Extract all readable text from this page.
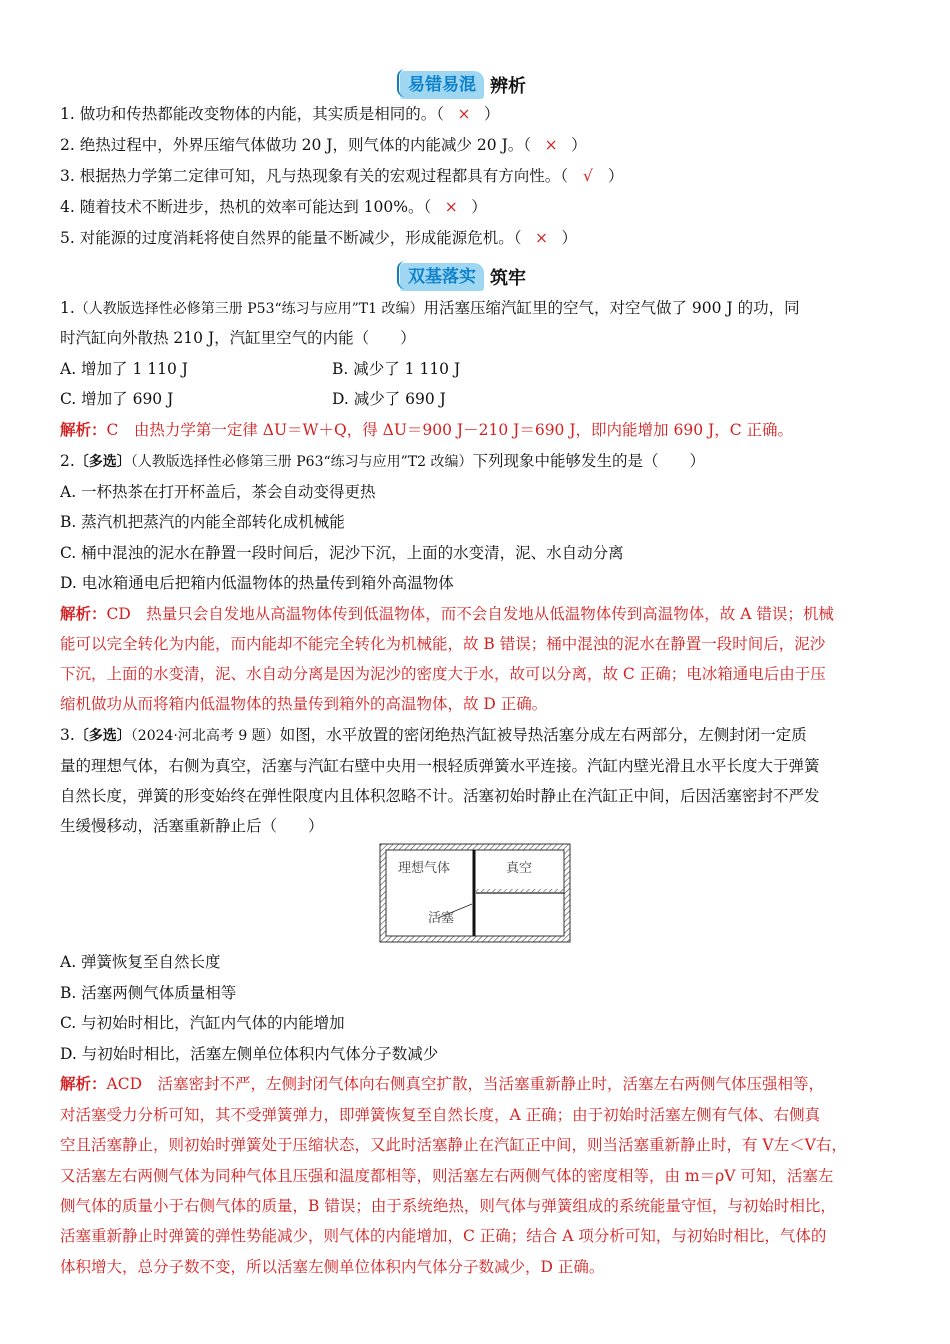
易错易混 辨析
1. 做功和传热都能改变物体的内能，其实质是相同的。（ × ）
2. 绝热过程中，外界压缩气体做功 20 J，则气体的内能减少 20 J。（ × ）
3. 根据热力学第二定律可知，凡与热现象有关的宏观过程都具有方向性。（ √ ）
4. 随着技术不断进步，热机的效率可能达到 100%。（ × ）
5. 对能源的过度消耗将使自然界的能量不断减少，形成能源危机。（ × ）
双基落实 筑牢
1.（人教版选择性必修第三册 P53“练习与应用”T1 改编）用活塞压缩汽缸里的空气，对空气做了 900 J 的功，同
时汽缸向外散热 210 J，汽缸里空气的内能（　　）
A. 增加了 1 110 J	B. 减少了 1 110 J
C. 增加了 690 J	D. 减少了 690 J
解析：C　由热力学第一定律 ΔU＝W＋Q，得 ΔU＝900 J－210 J＝690 J，即内能增加 690 J，C 正确。
2.〔多选〕（人教版选择性必修第三册 P63“练习与应用”T2 改编）下列现象中能够发生的是（　　）
A. 一杯热茶在打开杯盖后，茶会自动变得更热
B. 蒸汽机把蒸汽的内能全部转化成机械能
C. 桶中混浊的泥水在静置一段时间后，泥沙下沉，上面的水变清，泥、水自动分离
D. 电冰箱通电后把箱内低温物体的热量传到箱外高温物体
解析：CD　热量只会自发地从高温物体传到低温物体，而不会自发地从低温物体传到高温物体，故 A 错误；机械
能可以完全转化为内能，而内能却不能完全转化为机械能，故 B 错误；桶中混浊的泥水在静置一段时间后，泥沙
下沉，上面的水变清，泥、水自动分离是因为泥沙的密度大于水，故可以分离，故 C 正确；电冰箱通电后由于压
缩机做功从而将箱内低温物体的热量传到箱外的高温物体，故 D 正确。
3.〔多选〕（2024·河北高考 9 题）如图，水平放置的密闭绝热汽缸被导热活塞分成左右两部分，左侧封闭一定质
量的理想气体，右侧为真空，活塞与汽缸右壁中央用一根轻质弹簧水平连接。汽缸内壁光滑且水平长度大于弹簧
自然长度，弹簧的形变始终在弹性限度内且体积忽略不计。活塞初始时静止在汽缸正中间，后因活塞密封不严发
生缓慢移动，活塞重新静止后（　　）
理想气体	真空
活塞
A. 弹簧恢复至自然长度
B. 活塞两侧气体质量相等
C. 与初始时相比，汽缸内气体的内能增加
D. 与初始时相比，活塞左侧单位体积内气体分子数减少
解析：ACD　活塞密封不严，左侧封闭气体向右侧真空扩散，当活塞重新静止时，活塞左右两侧气体压强相等，
对活塞受力分析可知，其不受弹簧弹力，即弹簧恢复至自然长度，A 正确；由于初始时活塞左侧有气体、右侧真
空且活塞静止，则初始时弹簧处于压缩状态，又此时活塞静止在汽缸正中间，则当活塞重新静止时，有 V左＜V右，
又活塞左右两侧气体为同种气体且压强和温度都相等，则活塞左右两侧气体的密度相等，由 m＝ρV 可知，活塞左
侧气体的质量小于右侧气体的质量，B 错误；由于系统绝热，则气体与弹簧组成的系统能量守恒，与初始时相比，
活塞重新静止时弹簧的弹性势能减少，则气体的内能增加，C 正确；结合 A 项分析可知，与初始时相比，气体的
体积增大，总分子数不变，所以活塞左侧单位体积内气体分子数减少，D 正确。
